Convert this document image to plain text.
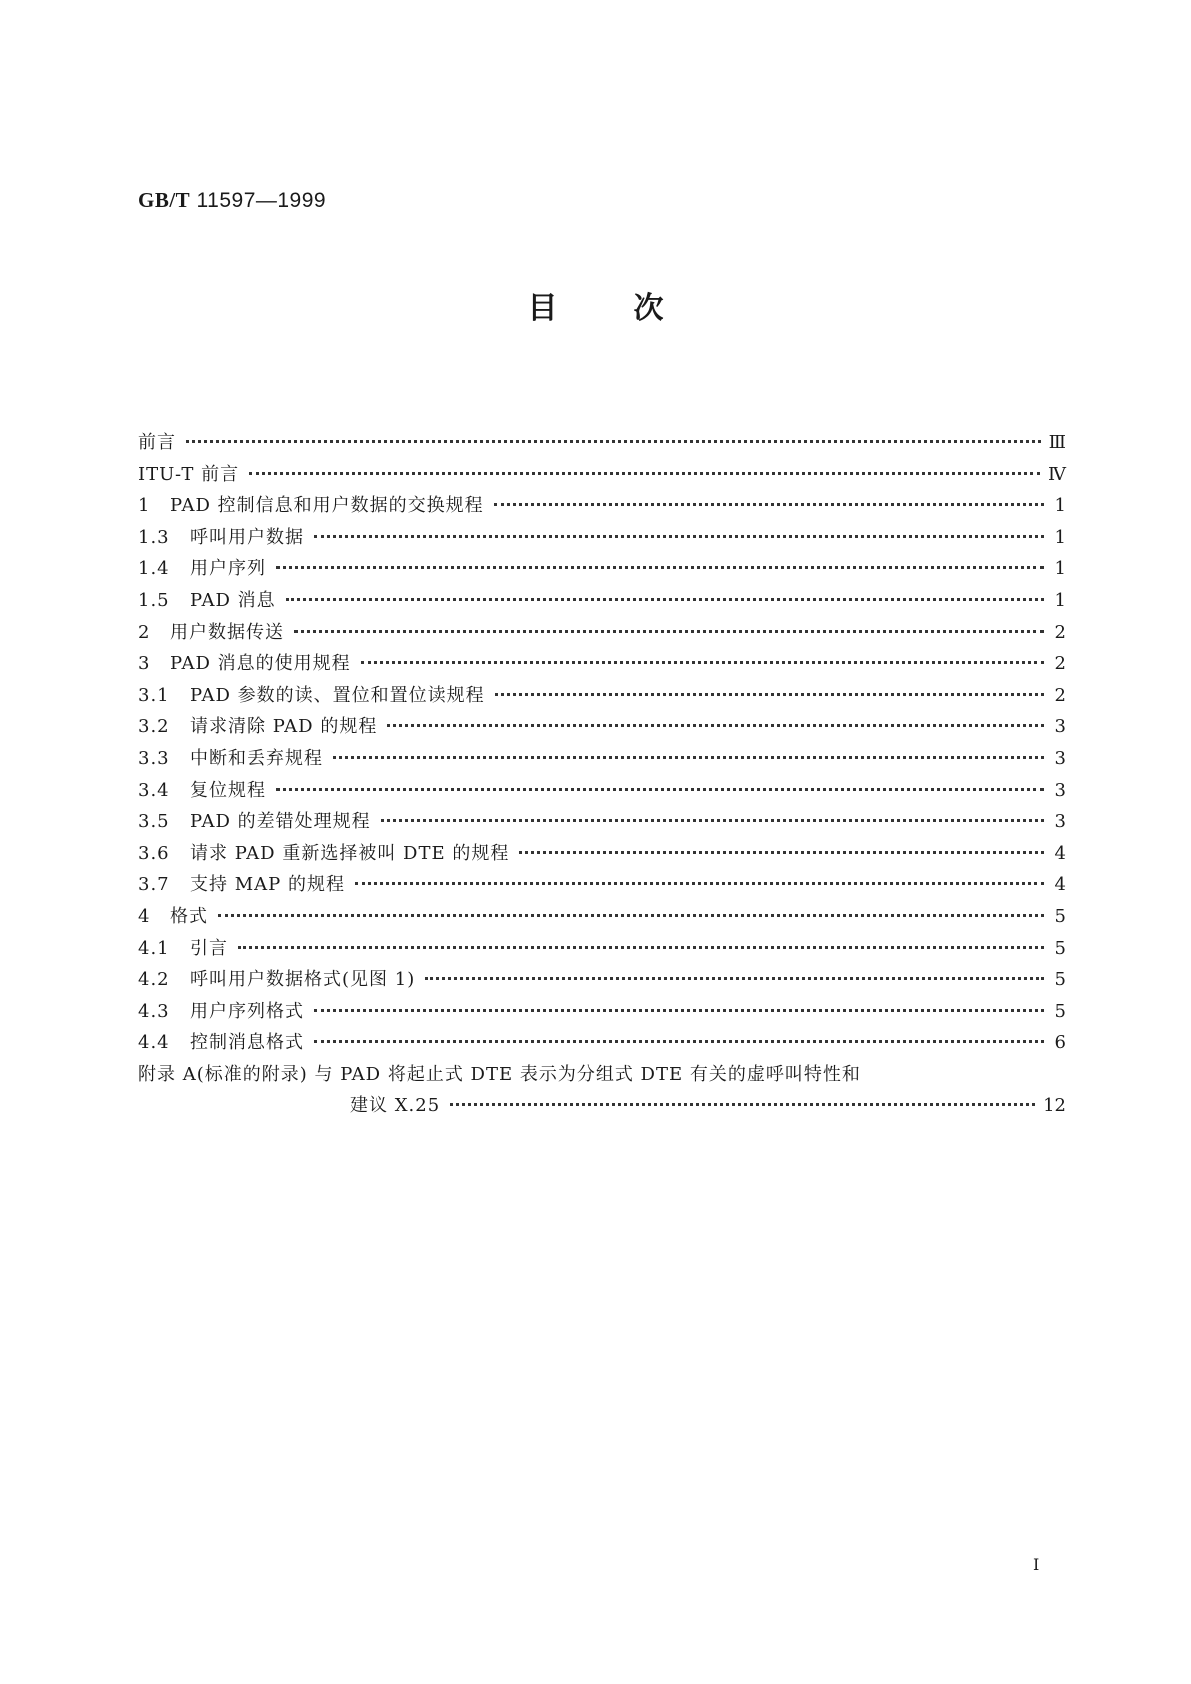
GB/T 11597—1999
目次
前言	Ⅲ
ITU-T 前言	Ⅳ
1	PAD 控制信息和用户数据的交换规程	1
1.3	呼叫用户数据	1
1.4	用户序列	1
1.5	PAD 消息	1
2	用户数据传送	2
3	PAD 消息的使用规程	2
3.1	PAD 参数的读、置位和置位读规程	2
3.2	请求清除 PAD 的规程	3
3.3	中断和丢弃规程	3
3.4	复位规程	3
3.5	PAD 的差错处理规程	3
3.6	请求 PAD 重新选择被叫 DTE 的规程	4
3.7	支持 MAP 的规程	4
4	格式	5
4.1	引言	5
4.2	呼叫用户数据格式(见图 1)	5
4.3	用户序列格式	5
4.4	控制消息格式	6
附录 A(标准的附录) 与 PAD 将起止式 DTE 表示为分组式 DTE 有关的虚呼叫特性和
建议 X.25	12
Ⅰ
